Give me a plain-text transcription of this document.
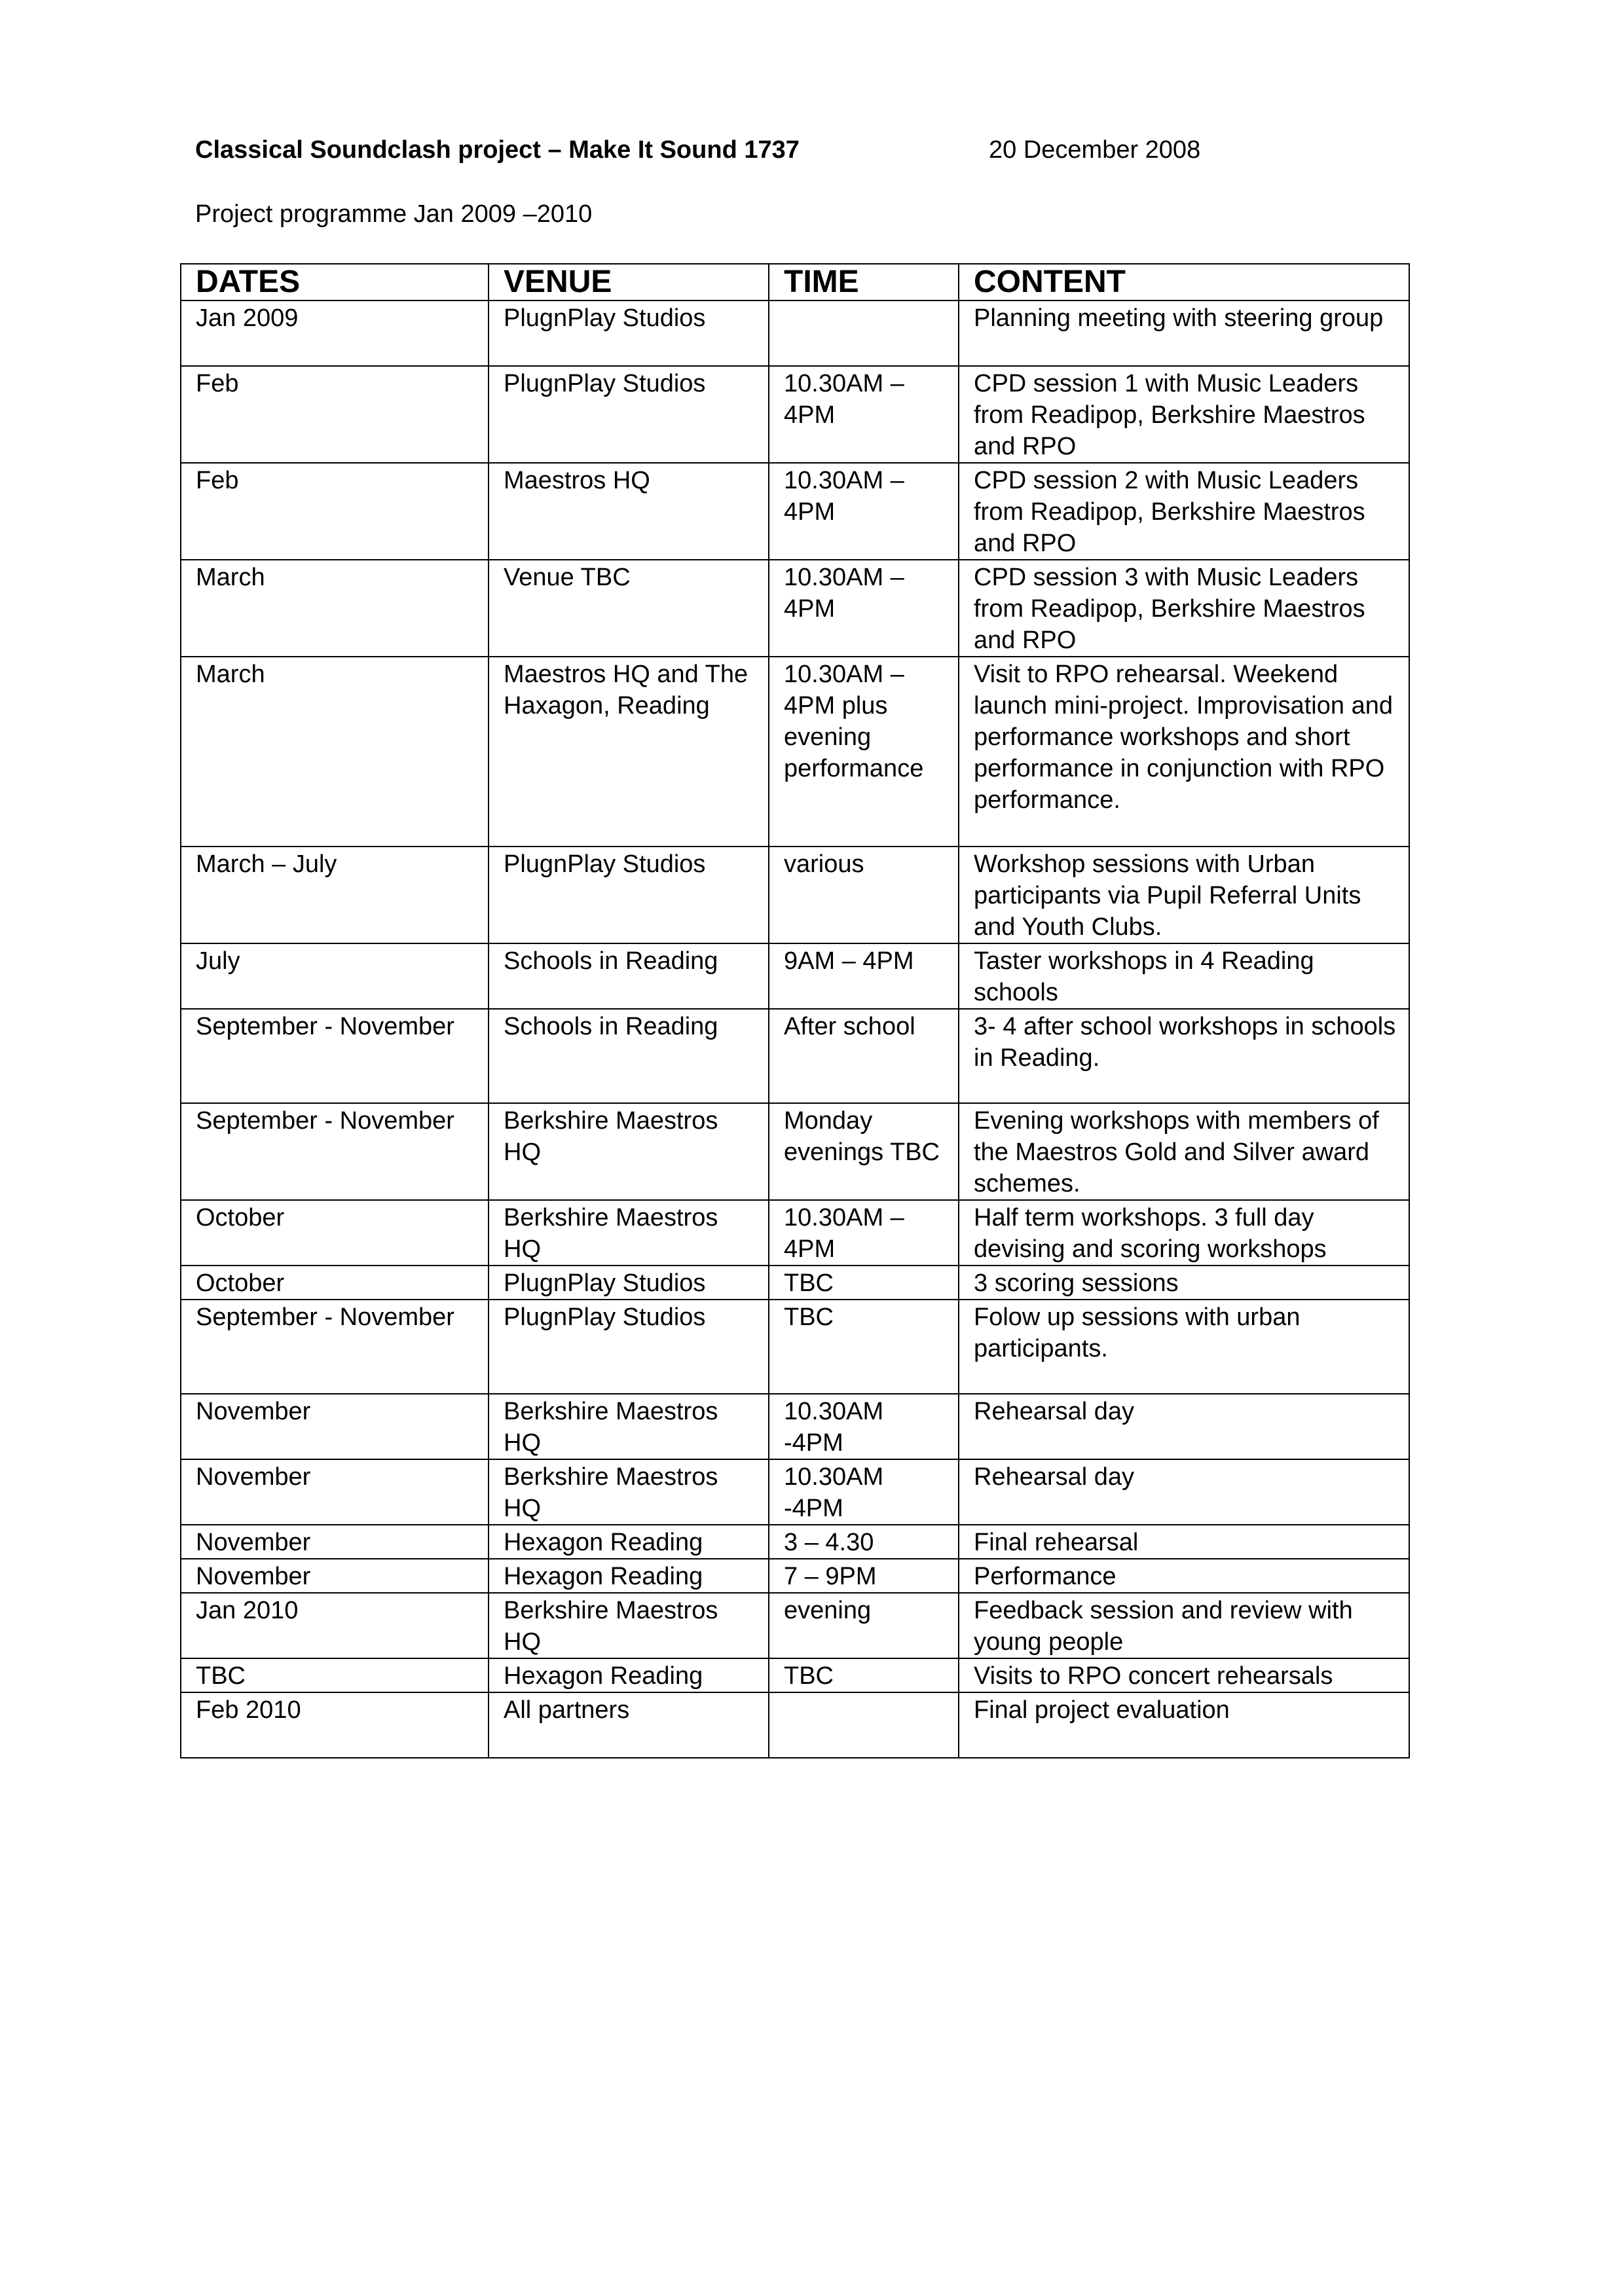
Classical Soundclash project – Make It Sound 1737	20 December 2008
Project programme Jan 2009 –2010
DATES	VENUE	TIME	CONTENT
Jan 2009	PlugnPlay Studios		Planning meeting with steering group
Feb	PlugnPlay Studios	10.30AM – 4PM	CPD session 1 with Music Leaders from Readipop, Berkshire Maestros and RPO
Feb	Maestros HQ	10.30AM – 4PM	CPD session 2 with Music Leaders from Readipop, Berkshire Maestros and RPO
March	Venue TBC	10.30AM – 4PM	CPD session 3 with Music Leaders from Readipop, Berkshire Maestros and RPO
March	Maestros HQ and The Haxagon, Reading	10.30AM – 4PM plus evening performance	Visit to RPO rehearsal. Weekend launch mini-project. Improvisation and performance workshops and short performance in conjunction with RPO performance.
March – July	PlugnPlay Studios	various	Workshop sessions with Urban participants via Pupil Referral Units and Youth Clubs.
July	Schools in Reading	9AM – 4PM	Taster workshops in 4 Reading schools
September - November	Schools in Reading	After school	3- 4 after school workshops in schools in Reading.
September - November	Berkshire Maestros HQ	Monday evenings TBC	Evening workshops with members of the Maestros Gold and Silver award schemes.
October	Berkshire Maestros HQ	10.30AM – 4PM	Half term workshops. 3 full day devising and scoring workshops
October	PlugnPlay Studios	TBC	3 scoring sessions
September - November	PlugnPlay Studios	TBC	Folow up sessions with urban participants.
November	Berkshire Maestros HQ	10.30AM -4PM	Rehearsal day
November	Berkshire Maestros HQ	10.30AM -4PM	Rehearsal day
November	Hexagon Reading	3 – 4.30	Final rehearsal
November	Hexagon Reading	7 – 9PM	Performance
Jan 2010	Berkshire Maestros HQ	evening	Feedback session and review with young people
TBC	Hexagon Reading	TBC	Visits to RPO concert rehearsals
Feb 2010	All partners		Final project evaluation
